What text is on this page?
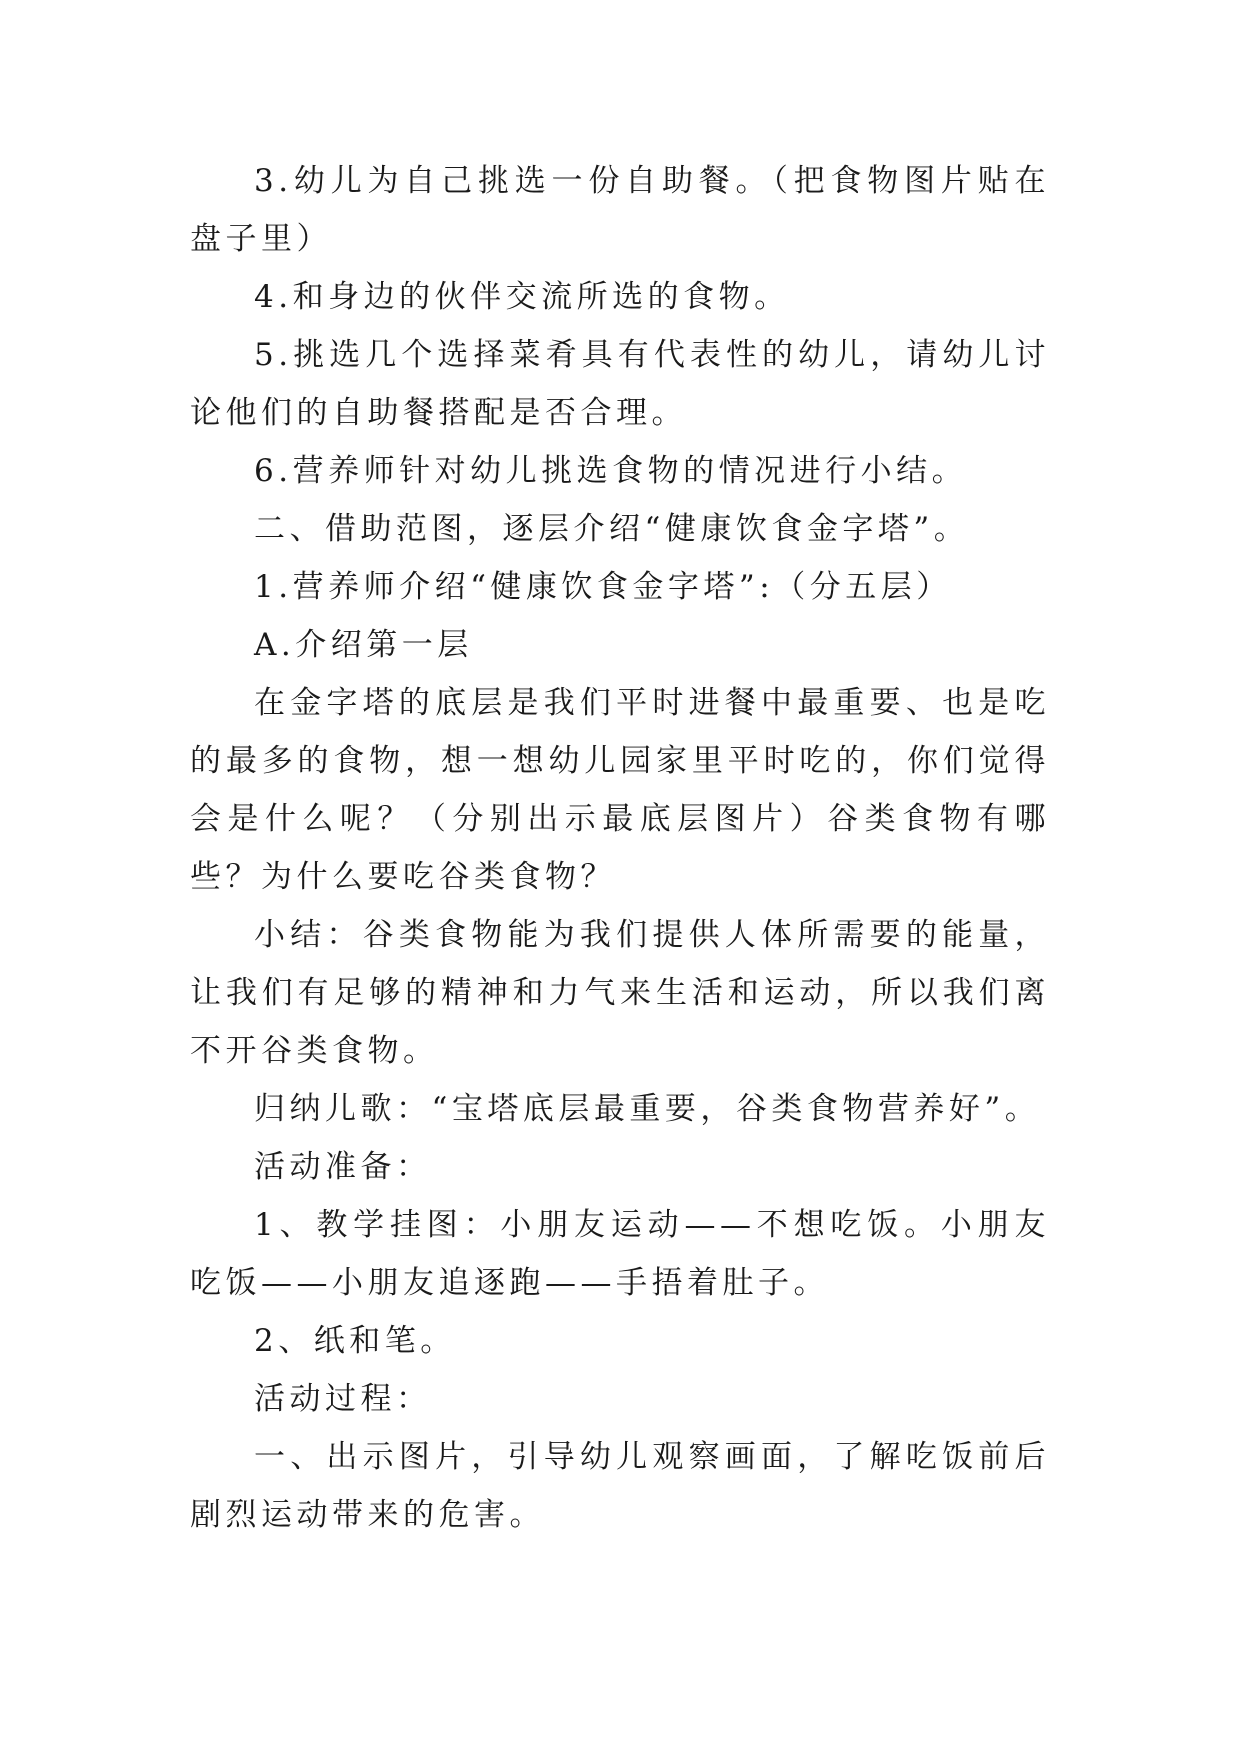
3.幼儿为自己挑选一份自助餐。（把食物图片贴在盘子里）

4.和身边的伙伴交流所选的食物。

5.挑选几个选择菜肴具有代表性的幼儿，请幼儿讨论他们的自助餐搭配是否合理。

6.营养师针对幼儿挑选食物的情况进行小结。

二、借助范图，逐层介绍“健康饮食金字塔”。

1.营养师介绍“健康饮食金字塔”:（分五层）

A.介绍第一层

在金字塔的底层是我们平时进餐中最重要、也是吃的最多的食物，想一想幼儿园家里平时吃的，你们觉得会是什么呢？（分别出示最底层图片）谷类食物有哪些？为什么要吃谷类食物？

小结：谷类食物能为我们提供人体所需要的能量，让我们有足够的精神和力气来生活和运动，所以我们离不开谷类食物。

归纳儿歌：“宝塔底层最重要，谷类食物营养好”。

活动准备：

1、教学挂图：小朋友运动——不想吃饭。小朋友吃饭——小朋友追逐跑——手捂着肚子。

2、纸和笔。

活动过程：

一、出示图片，引导幼儿观察画面，了解吃饭前后剧烈运动带来的危害。
